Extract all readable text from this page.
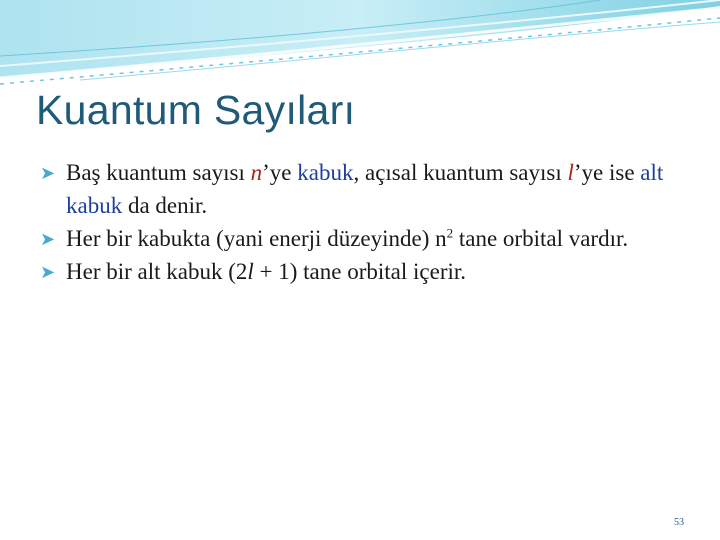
Kuantum Sayıları
➤ Baş kuantum sayısı n’ye kabuk, açısal kuantum sayısı l’ye ise alt kabuk da denir.
➤ Her bir kabukta (yani enerji düzeyinde) $n^2$ tane orbital vardır.
➤ Her bir alt kabuk (2l + 1) tane orbital içerir.
53
